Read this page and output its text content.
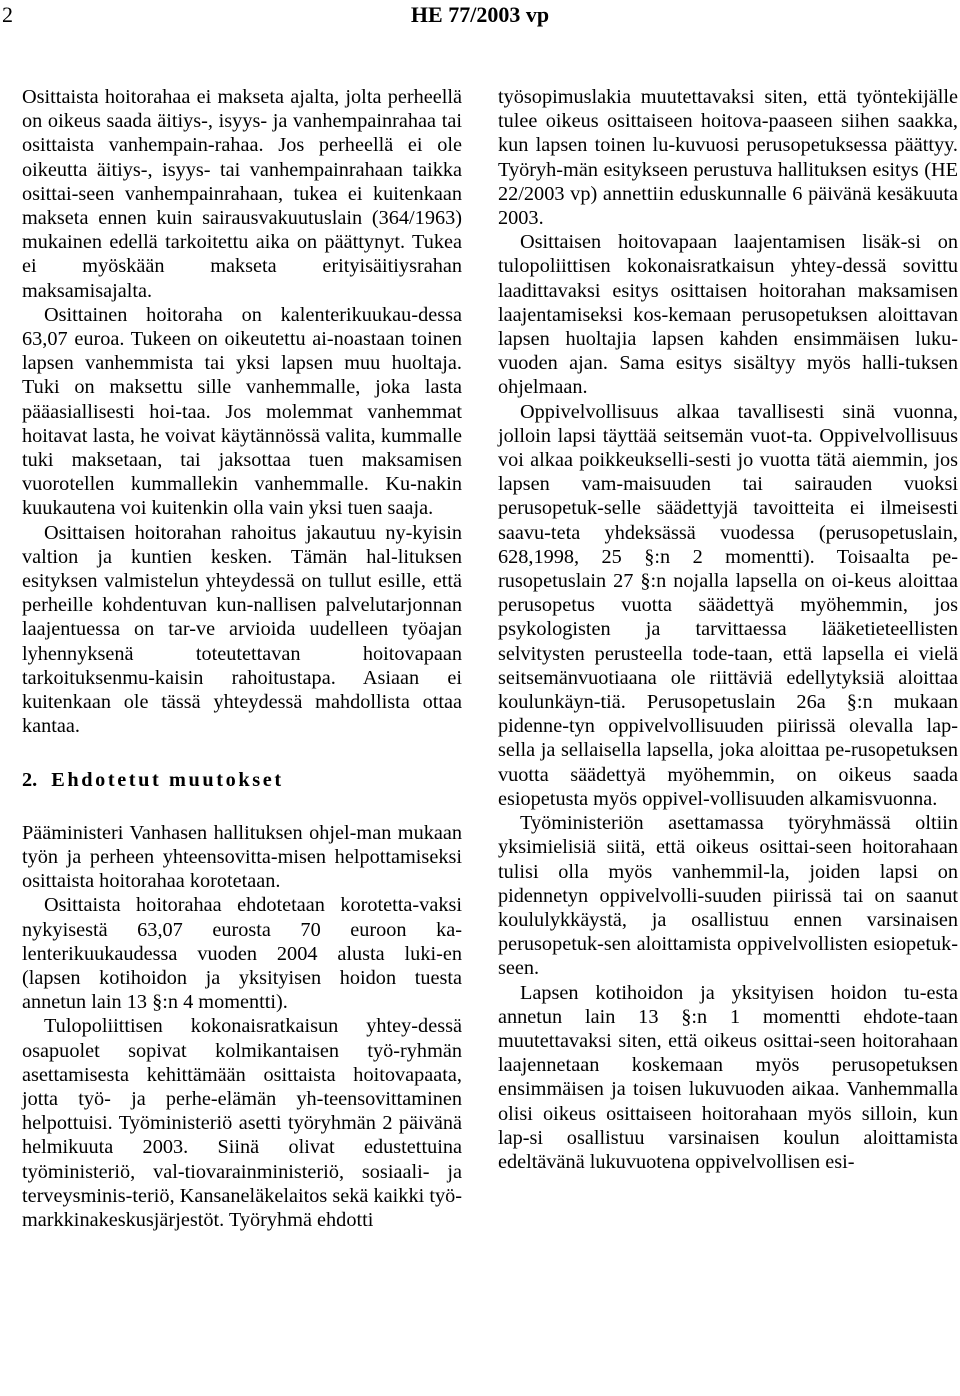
2	HE 77/2003 vp

Osittaista hoitorahaa ei makseta ajalta, jolta perheellä on oikeus saada äitiys-, isyys- ja vanhempainrahaa tai osittaista vanhempain-rahaa. Jos perheellä ei ole oikeutta äitiys-, isyys- tai vanhempainrahaan taikka osittai-seen vanhempainrahaan, tukea ei kuitenkaan makseta ennen kuin sairausvakuutuslain (364/1963) mukainen edellä tarkoitettu aika on päättynyt. Tukea ei myöskään makseta erityisäitiysrahan maksamisajalta.

Osittainen hoitoraha on kalenterikuukau-dessa 63,07 euroa. Tukeen on oikeutettu ai-noastaan toinen lapsen vanhemmista tai yksi lapsen muu huoltaja. Tuki on maksettu sille vanhemmalle, joka lasta pääasiallisesti hoi-taa. Jos molemmat vanhemmat hoitavat lasta, he voivat käytännössä valita, kummalle tuki maksetaan, tai jaksottaa tuen maksamisen vuorotellen kummallekin vanhemmalle. Ku-nakin kuukautena voi kuitenkin olla vain yksi tuen saaja.

Osittaisen hoitorahan rahoitus jakautuu ny-kyisin valtion ja kuntien kesken. Tämän hal-lituksen esityksen valmistelun yhteydessä on tullut esille, että perheille kohdentuvan kun-nallisen palvelutarjonnan laajentuessa on tar-ve arvioida uudelleen työajan lyhennyksenä toteutettavan hoitovapaan tarkoituksenmu-kaisin rahoitustapa. Asiaan ei kuitenkaan ole tässä yhteydessä mahdollista ottaa kantaa.

2. Ehdotetut muutokset

Pääministeri Vanhasen hallituksen ohjel-man mukaan työn ja perheen yhteensovitta-misen helpottamiseksi osittaista hoitorahaa korotetaan.

Osittaista hoitorahaa ehdotetaan korotetta-vaksi nykyisestä 63,07 eurosta 70 euroon ka-lenterikuukaudessa vuoden 2004 alusta luki-en (lapsen kotihoidon ja yksityisen hoidon tuesta annetun lain 13 §:n 4 momentti).

Tulopoliittisen kokonaisratkaisun yhtey-dessä osapuolet sopivat kolmikantaisen työ-ryhmän asettamisesta kehittämään osittaista hoitovapaata, jotta työ- ja perhe-elämän yh-teensovittaminen helpottuisi. Työministeriö asetti työryhmän 2 päivänä helmikuuta 2003. Siinä olivat edustettuina työministeriö, val-tiovarainministeriö, sosiaali- ja terveysminis-teriö, Kansaneläkelaitos sekä kaikki työ-markkinakeskusjärjestöt. Työryhmä ehdotti

työsopimuslakia muutettavaksi siten, että työntekijälle tulee oikeus osittaiseen hoitova-paaseen siihen saakka, kun lapsen toinen lu-kuvuosi perusopetuksessa päättyy. Työryh-män esitykseen perustuva hallituksen esitys (HE 22/2003 vp) annettiin eduskunnalle 6 päivänä kesäkuuta 2003.

Osittaisen hoitovapaan laajentamisen lisäk-si on tulopoliittisen kokonaisratkaisun yhtey-dessä sovittu laadittavaksi esitys osittaisen hoitorahan maksamisen laajentamiseksi kos-kemaan perusopetuksen aloittavan lapsen huoltajia lapsen kahden ensimmäisen luku-vuoden ajan. Sama esitys sisältyy myös halli-tuksen ohjelmaan.

Oppivelvollisuus alkaa tavallisesti sinä vuonna, jolloin lapsi täyttää seitsemän vuot-ta. Oppivelvollisuus voi alkaa poikkeukselli-sesti jo vuotta tätä aiemmin, jos lapsen vam-maisuuden tai sairauden vuoksi perusopetuk-selle säädettyjä tavoitteita ei ilmeisesti saavu-teta yhdeksässä vuodessa (perusopetuslain, 628,1998, 25 §:n 2 momentti). Toisaalta pe-rusopetuslain 27 §:n nojalla lapsella on oi-keus aloittaa perusopetus vuotta säädettyä myöhemmin, jos psykologisten ja tarvittaessa lääketieteellisten selvitysten perusteella tode-taan, että lapsella ei vielä seitsemänvuotiaana ole riittäviä edellytyksiä aloittaa koulunkäyn-tiä. Perusopetuslain 26a §:n mukaan pidenne-tyn oppivelvollisuuden piirissä olevalla lap-sella ja sellaisella lapsella, joka aloittaa pe-rusopetuksen vuotta säädettyä myöhemmin, on oikeus saada esiopetusta myös oppivel-vollisuuden alkamisvuonna.

Työministeriön asettamassa työryhmässä oltiin yksimielisiä siitä, että oikeus osittai-seen hoitorahaan tulisi olla myös vanhemmil-la, joiden lapsi on pidennetyn oppivelvolli-suuden piirissä tai on saanut koululykkäystä, ja osallistuu ennen varsinaisen perusopetuk-sen aloittamista oppivelvollisten esiopetuk-seen.

Lapsen kotihoidon ja yksityisen hoidon tu-esta annetun lain 13 §:n 1 momentti ehdote-taan muutettavaksi siten, että oikeus osittai-seen hoitorahaan laajennetaan koskemaan myös perusopetuksen ensimmäisen ja toisen lukuvuoden aikaa. Vanhemmalla olisi oikeus osittaiseen hoitorahaan myös silloin, kun lap-si osallistuu varsinaisen koulun aloittamista edeltävänä lukuvuotena oppivelvollisen esi-
